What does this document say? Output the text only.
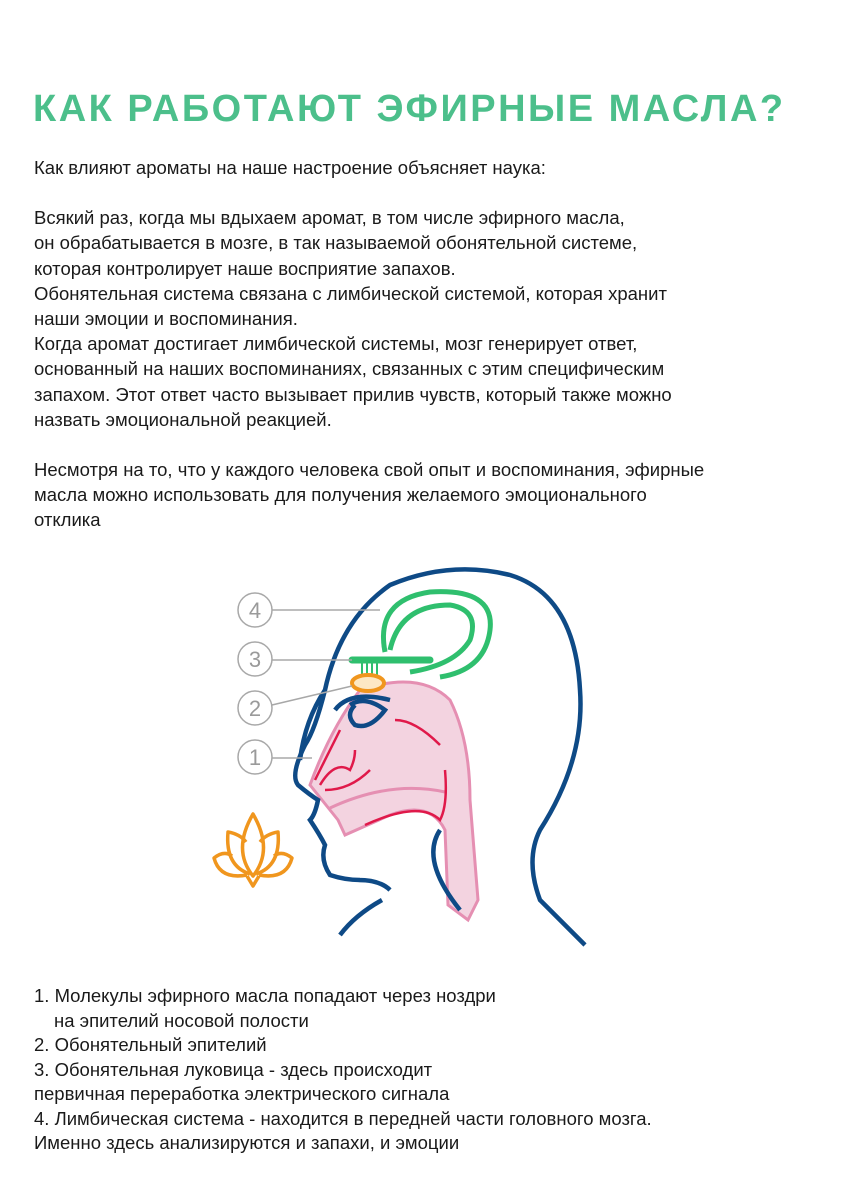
КАК РАБОТАЮТ ЭФИРНЫЕ МАСЛА?
Как влияют ароматы на наше настроение объясняет наука:
Всякий раз, когда мы вдыхаем аромат, в том числе эфирного масла,
он обрабатывается в мозге, в так называемой обонятельной системе,
которая контролирует наше восприятие запахов.
Обонятельная система связана с лимбической системой, которая хранит
наши эмоции и воспоминания.
Когда аромат достигает лимбической системы, мозг генерирует ответ,
основанный на наших воспоминаниях, связанных с этим специфическим
запахом. Этот ответ часто вызывает прилив чувств, который также можно
назвать эмоциональной реакцией.
Несмотря на то, что у каждого человека свой опыт и воспоминания, эфирные
масла можно использовать для получения желаемого эмоционального
отклика
4
3
2
1
1. Молекулы эфирного масла попадают через ноздри
на эпителий носовой полости
2. Обонятельный эпителий
3. Обонятельная луковица - здесь происходит
первичная переработка электрического сигнала
4. Лимбическая система - находится в передней части головного мозга.
Именно здесь анализируются и запахи, и эмоции
